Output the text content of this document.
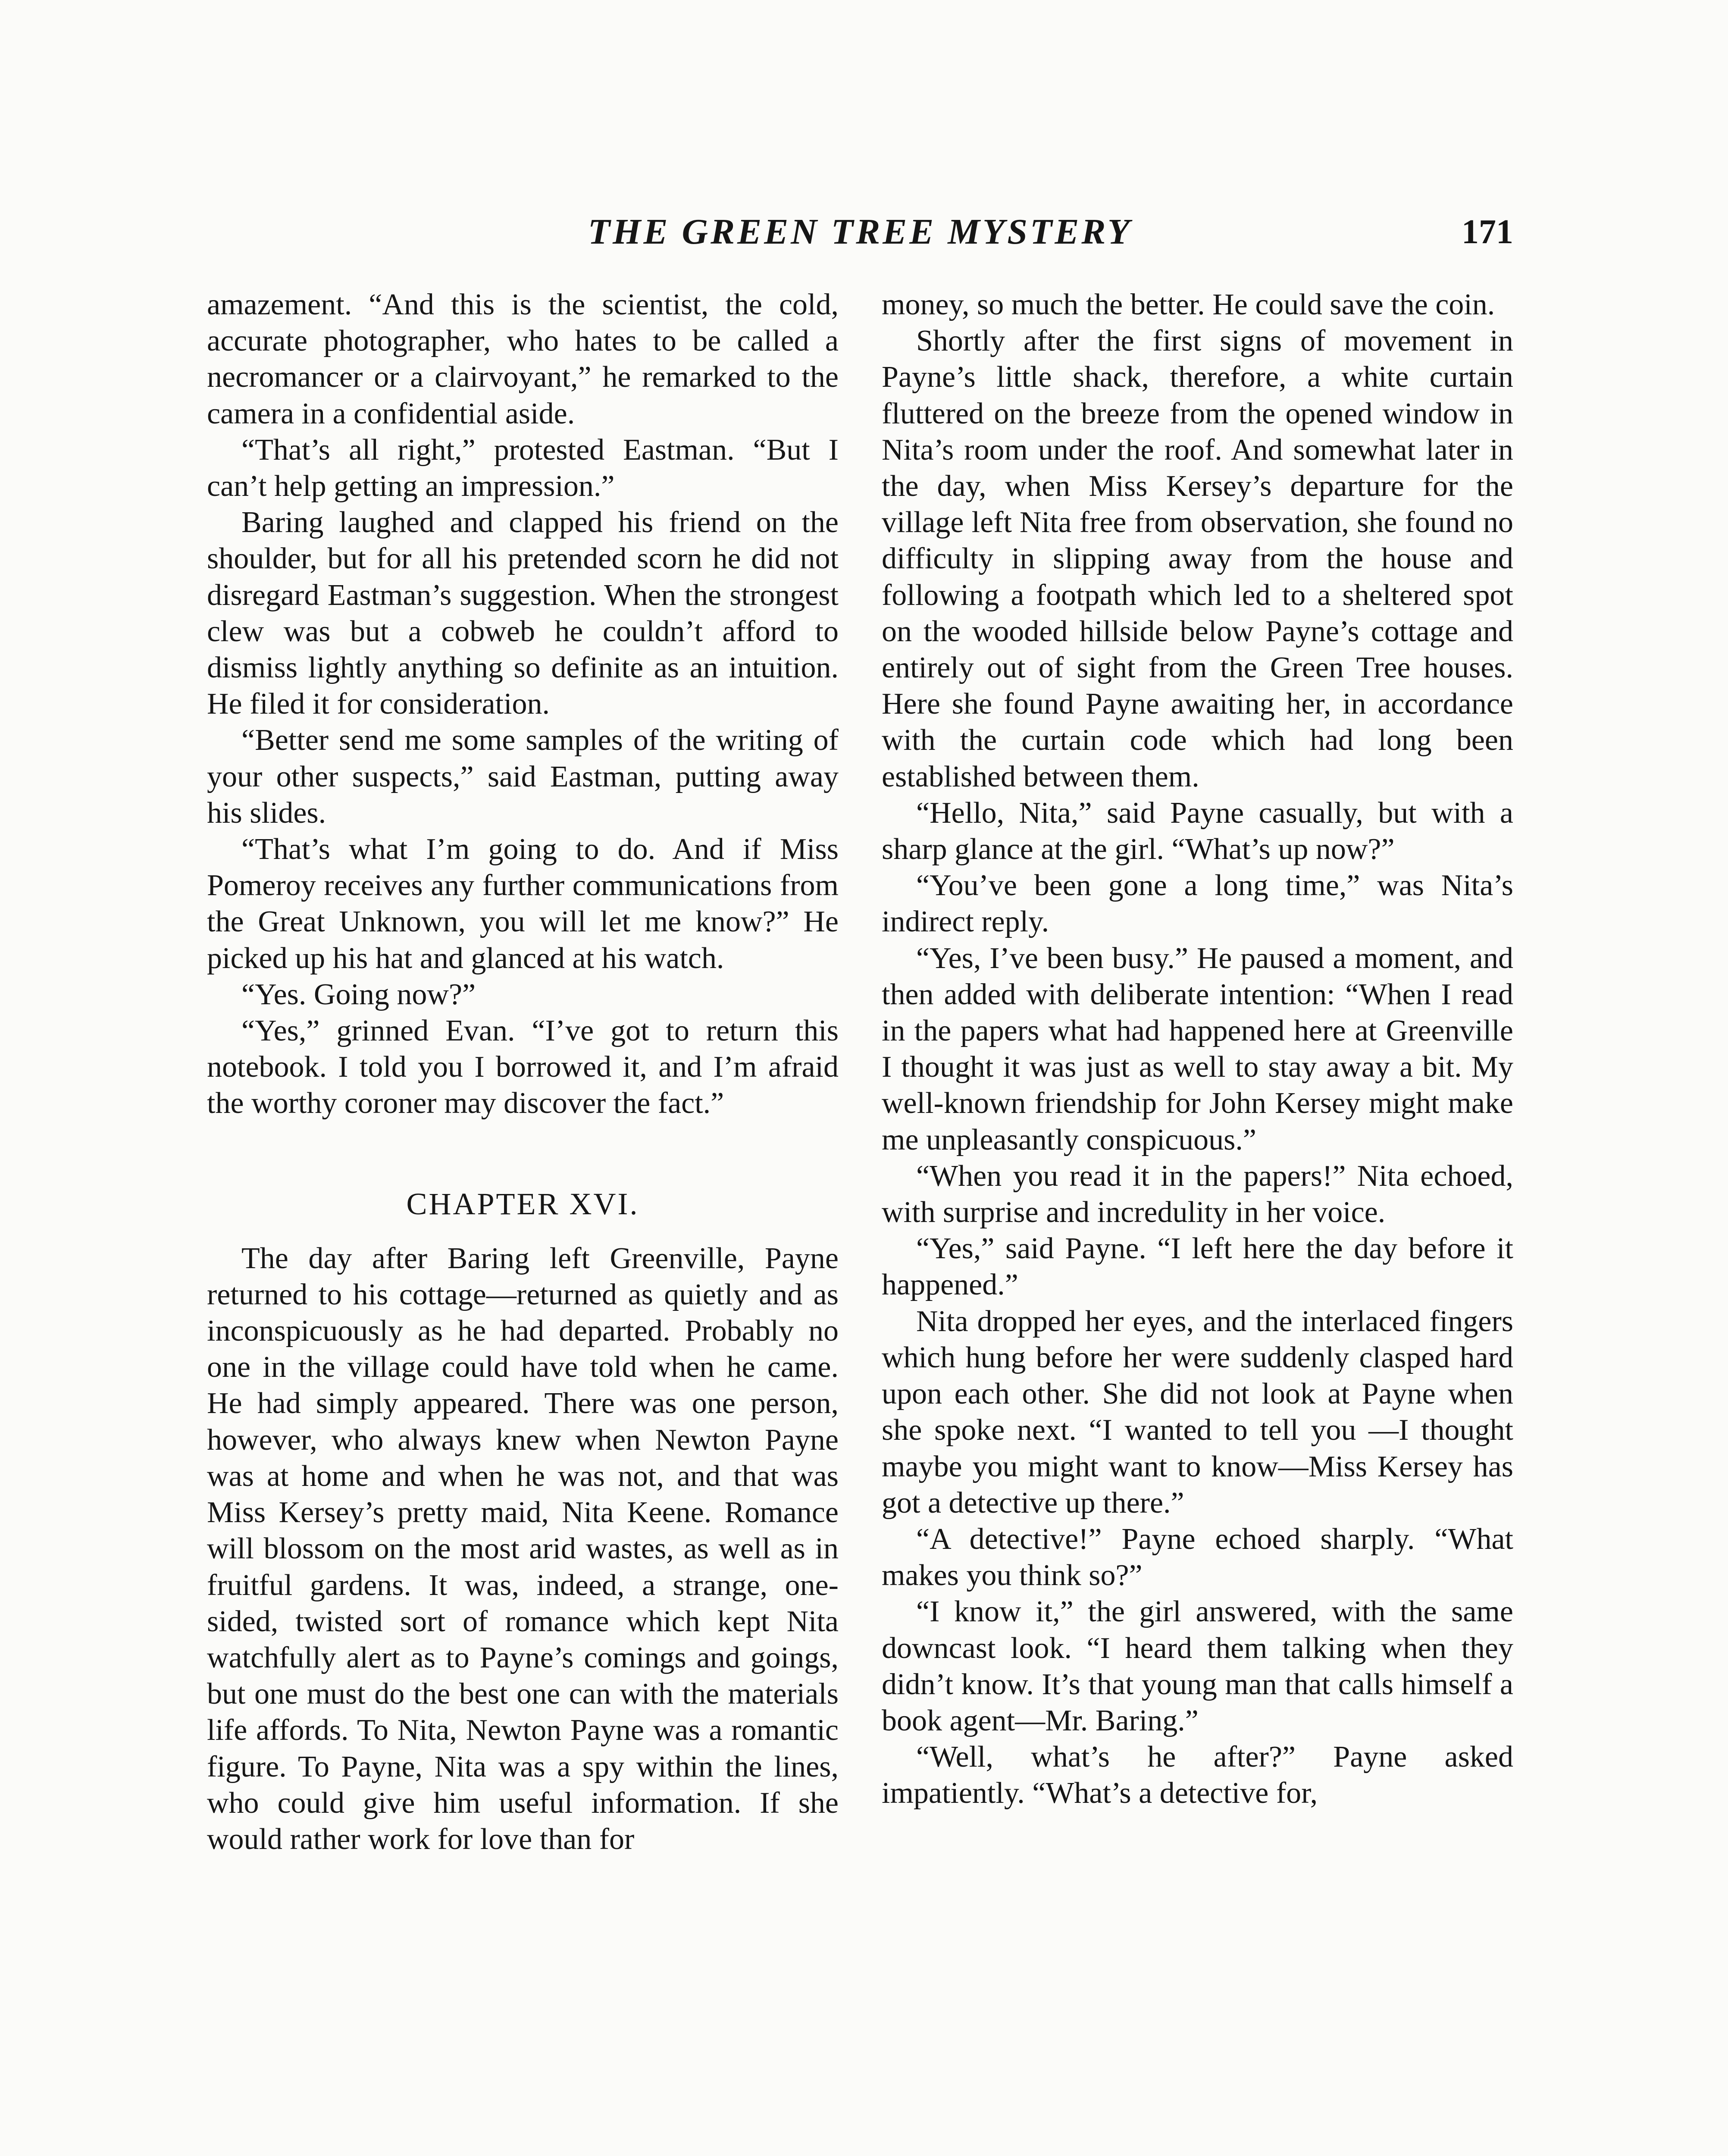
THE GREEN TREE MYSTERY	171

amazement. “And this is the scientist, the cold, accurate photographer, who hates to be called a necromancer or a clairvoyant,” he remarked to the camera in a confidential aside.

“That’s all right,” protested Eastman. “But I can’t help getting an impression.”

Baring laughed and clapped his friend on the shoulder, but for all his pretended scorn he did not disregard Eastman’s suggestion. When the strongest clew was but a cobweb he couldn’t afford to dismiss lightly anything so definite as an intuition. He filed it for consideration.

“Better send me some samples of the writing of your other suspects,” said Eastman, putting away his slides.

“That’s what I’m going to do. And if Miss Pomeroy receives any further communications from the Great Unknown, you will let me know?” He picked up his hat and glanced at his watch.

“Yes. Going now?”

“Yes,” grinned Evan. “I’ve got to return this notebook. I told you I borrowed it, and I’m afraid the worthy coroner may discover the fact.”

CHAPTER XVI.

The day after Baring left Greenville, Payne returned to his cottage—returned as quietly and as inconspicuously as he had departed. Probably no one in the village could have told when he came. He had simply appeared. There was one person, however, who always knew when Newton Payne was at home and when he was not, and that was Miss Kersey’s pretty maid, Nita Keene. Romance will blossom on the most arid wastes, as well as in fruitful gardens. It was, indeed, a strange, one-sided, twisted sort of romance which kept Nita watchfully alert as to Payne’s comings and goings, but one must do the best one can with the materials life affords. To Nita, Newton Payne was a romantic figure. To Payne, Nita was a spy within the lines, who could give him useful information. If she would rather work for love than for

money, so much the better. He could save the coin.

Shortly after the first signs of movement in Payne’s little shack, therefore, a white curtain fluttered on the breeze from the opened window in Nita’s room under the roof. And somewhat later in the day, when Miss Kersey’s departure for the village left Nita free from observation, she found no difficulty in slipping away from the house and following a footpath which led to a sheltered spot on the wooded hillside below Payne’s cottage and entirely out of sight from the Green Tree houses. Here she found Payne awaiting her, in accordance with the curtain code which had long been established between them.

“Hello, Nita,” said Payne casually, but with a sharp glance at the girl. “What’s up now?”

“You’ve been gone a long time,” was Nita’s indirect reply.

“Yes, I’ve been busy.” He paused a moment, and then added with deliberate intention: “When I read in the papers what had happened here at Greenville I thought it was just as well to stay away a bit. My well-known friendship for John Kersey might make me unpleasantly conspicuous.”

“When you read it in the papers!” Nita echoed, with surprise and incredulity in her voice.

“Yes,” said Payne. “I left here the day before it happened.”

Nita dropped her eyes, and the interlaced fingers which hung before her were suddenly clasped hard upon each other. She did not look at Payne when she spoke next. “I wanted to tell you —I thought maybe you might want to know—Miss Kersey has got a detective up there.”

“A detective!” Payne echoed sharply. “What makes you think so?”

“I know it,” the girl answered, with the same downcast look. “I heard them talking when they didn’t know. It’s that young man that calls himself a book agent—Mr. Baring.”

“Well, what’s he after?” Payne asked impatiently. “What’s a detective for,
